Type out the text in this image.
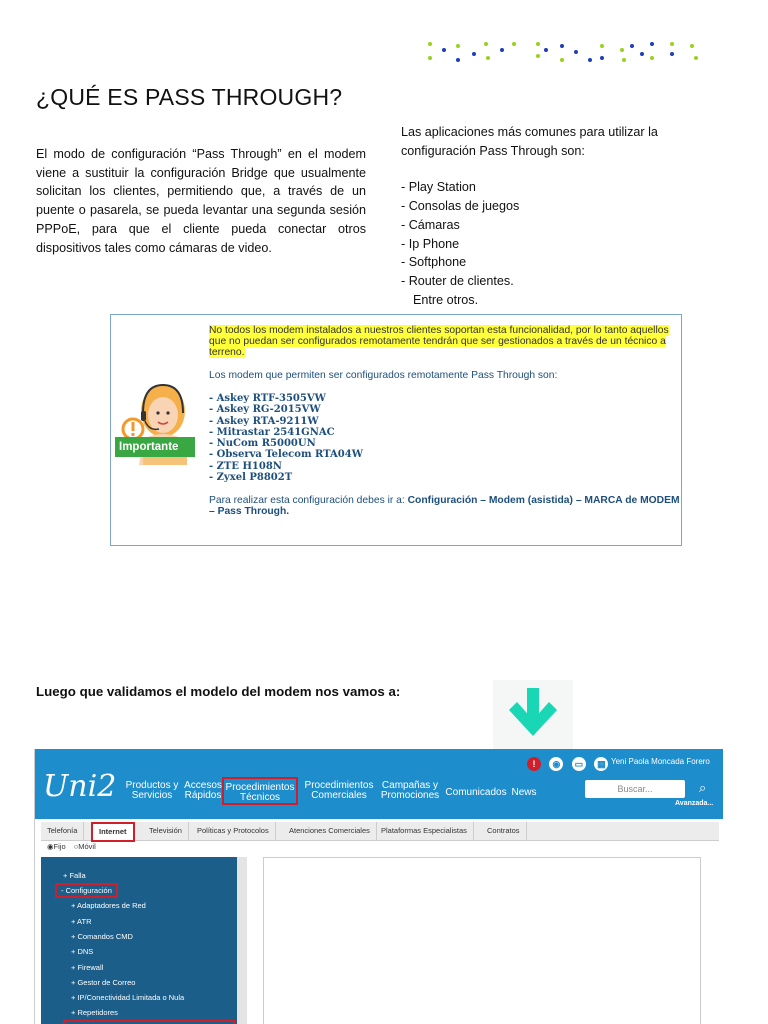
¿QUÉ ES PASS THROUGH?
El modo de configuración “Pass Through” en el modem viene a sustituir la configuración Bridge que usualmente solicitan los clientes, permitiendo que, a través de un puente o pasarela, se pueda levantar una segunda sesión PPPoE, para que el cliente pueda conectar otros dispositivos tales como cámaras de video.
Las aplicaciones más comunes para utilizar la configuración Pass Through son:
- Play Station
- Consolas de juegos
- Cámaras
- Ip Phone
- Softphone
- Router de clientes.
Entre otros.
Importante
No todos los modem instalados a nuestros clientes soportan esta funcionalidad, por lo tanto aquellos que no puedan ser configurados remotamente tendrán que ser gestionados a través de un técnico a terreno.
Los modem que permiten ser configurados remotamente Pass Through son:
- Askey RTF-3505VW
- Askey RG-2015VW
- Askey RTA-9211W
- Mitrastar 2541GNAC
- NuCom R5000UN
- Observa Telecom RTA04W
- ZTE H108N
- Zyxel P8802T
Para realizar esta configuración debes ir a: Configuración – Modem (asistida) – MARCA de MODEM – Pass Through.
Luego que validamos el modelo del modem nos vamos a:
Uni2
! ◉ ▭ ▦ Yeni Paola Moncada Forero
Productos y Servicios
Accesos Rápidos
Procedimientos Técnicos
Procedimientos Comerciales
Campañas y Promociones Comunicados News	Buscar...	⌕
Avanzada...
Telefonía	Internet	Televisión	Políticas y Protocolos	Atenciones Comerciales	Plataformas Especialistas	Contratos
◉Fijo ○Móvil
+ Falla
- Configuración
+ Adaptadores de Red
+ ATR
+ Comandos CMD
+ DNS
+ Firewall
+ Gestor de Correo
+ IP/Conectividad Limitada o Nula
+ Repetidores
